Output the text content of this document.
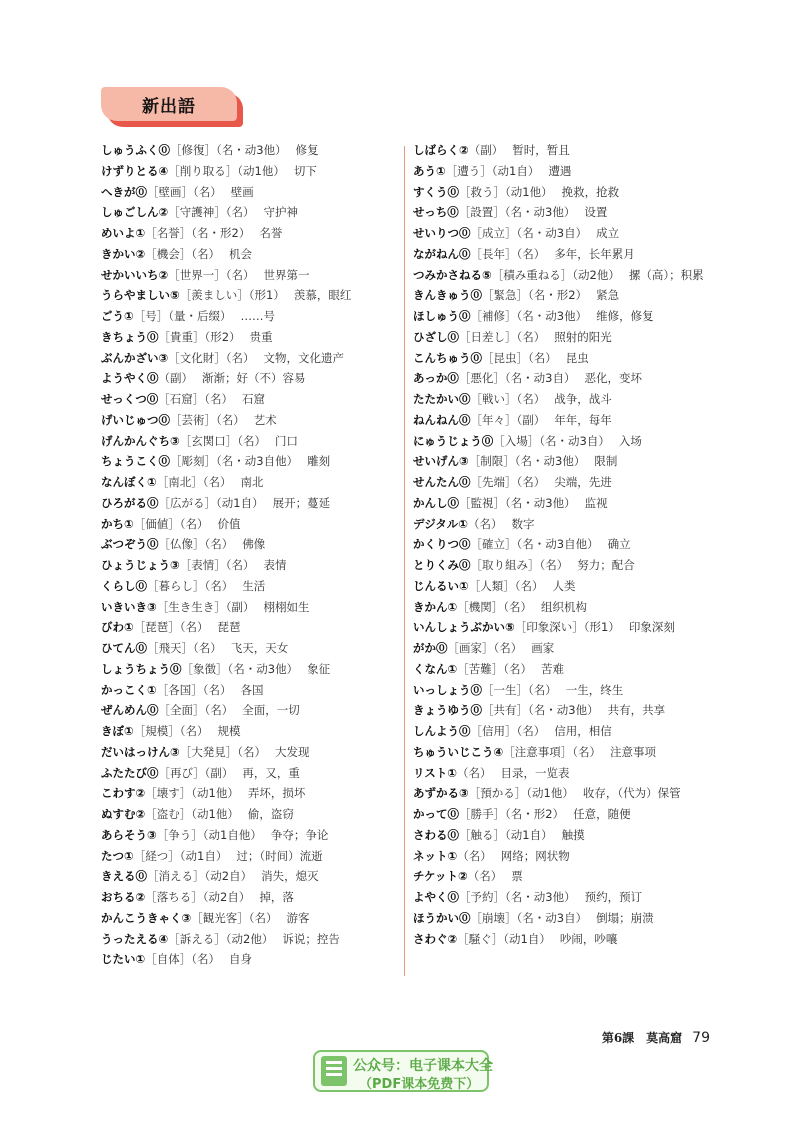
新出語
しゅうふく⓪［修復］（名・动3他） 修复
けずりとる④［削り取る］（动1他） 切下
へきが⓪［壁画］（名） 壁画
しゅごしん②［守護神］（名） 守护神
めいよ①［名誉］（名・形2） 名誉
きかい②［機会］（名） 机会
せかいいち②［世界一］（名） 世界第一
うらやましい⑤［羨ましい］（形1） 羡慕，眼红
ごう①［号］（量・后缀） ……号
きちょう⓪［貴重］（形2） 贵重
ぶんかざい③［文化財］（名） 文物，文化遗产
ようやく⓪（副） 渐渐；好（不）容易
せっくつ⓪［石窟］（名） 石窟
げいじゅつ⓪［芸術］（名） 艺术
げんかんぐち③［玄関口］（名） 门口
ちょうこく⓪［彫刻］（名・动3自他） 雕刻
なんぼく①［南北］（名） 南北
ひろがる⓪［広がる］（动1自） 展开；蔓延
かち①［価値］（名） 价值
ぶつぞう⓪［仏像］（名） 佛像
ひょうじょう③［表情］（名） 表情
くらし⓪［暮らし］（名） 生活
いきいき③［生き生き］（副） 栩栩如生
びわ①［琵琶］（名） 琵琶
ひてん⓪［飛天］（名） 飞天，天女
しょうちょう⓪［象徴］（名・动3他） 象征
かっこく①［各国］（名） 各国
ぜんめん⓪［全面］（名） 全面，一切
きぼ①［規模］（名） 规模
だいはっけん③［大発見］（名） 大发现
ふたたび⓪［再び］（副） 再，又，重
こわす②［壊す］（动1他） 弄坏，损坏
ぬすむ②［盗む］（动1他） 偷，盗窃
あらそう③［争う］（动1自他） 争夺；争论
たつ①［経つ］（动1自） 过；（时间）流逝
きえる⓪［消える］（动2自） 消失，熄灭
おちる②［落ちる］（动2自） 掉，落
かんこうきゃく③［観光客］（名） 游客
うったえる④［訴える］（动2他） 诉说；控告
じたい①［自体］（名） 自身
しばらく②（副） 暂时，暂且
あう①［遭う］（动1自） 遭遇
すくう⓪［救う］（动1他） 挽救，抢救
せっち⓪［設置］（名・动3他） 设置
せいりつ⓪［成立］（名・动3自） 成立
ながねん⓪［長年］（名） 多年，长年累月
つみかさねる⑤［積み重ねる］（动2他） 摞（高）；积累
きんきゅう⓪［緊急］（名・形2） 紧急
ほしゅう⓪［補修］（名・动3他） 维修，修复
ひざし⓪［日差し］（名） 照射的阳光
こんちゅう⓪［昆虫］（名） 昆虫
あっか⓪［悪化］（名・动3自） 恶化，变坏
たたかい⓪［戦い］（名） 战争，战斗
ねんねん⓪［年々］（副） 年年，每年
にゅうじょう⓪［入場］（名・动3自） 入场
せいげん③［制限］（名・动3他） 限制
せんたん⓪［先端］（名） 尖端，先进
かんし⓪［監視］（名・动3他） 监视
デジタル①（名） 数字
かくりつ⓪［確立］（名・动3自他） 确立
とりくみ⓪［取り組み］（名） 努力；配合
じんるい①［人類］（名） 人类
きかん①［機関］（名） 组织机构
いんしょうぶかい⑤［印象深い］（形1） 印象深刻
がか⓪［画家］（名） 画家
くなん①［苦難］（名） 苦难
いっしょう⓪［一生］（名） 一生，终生
きょうゆう⓪［共有］（名・动3他） 共有，共享
しんよう⓪［信用］（名） 信用，相信
ちゅういじこう④［注意事項］（名） 注意事项
リスト①（名） 目录，一览表
あずかる③［預かる］（动1他） 收存，（代为）保管
かって⓪［勝手］（名・形2） 任意，随便
さわる⓪［触る］（动1自） 触摸
ネット①（名） 网络；网状物
チケット②（名） 票
よやく⓪［予約］（名・动3他） 预约，预订
ほうかい⓪［崩壊］（名・动3自） 倒塌；崩溃
さわぐ②［騒ぐ］（动1自） 吵闹，吵嚷
第6課　莫高窟 79
公众号：电子课本大全
（PDF课本免费下）
